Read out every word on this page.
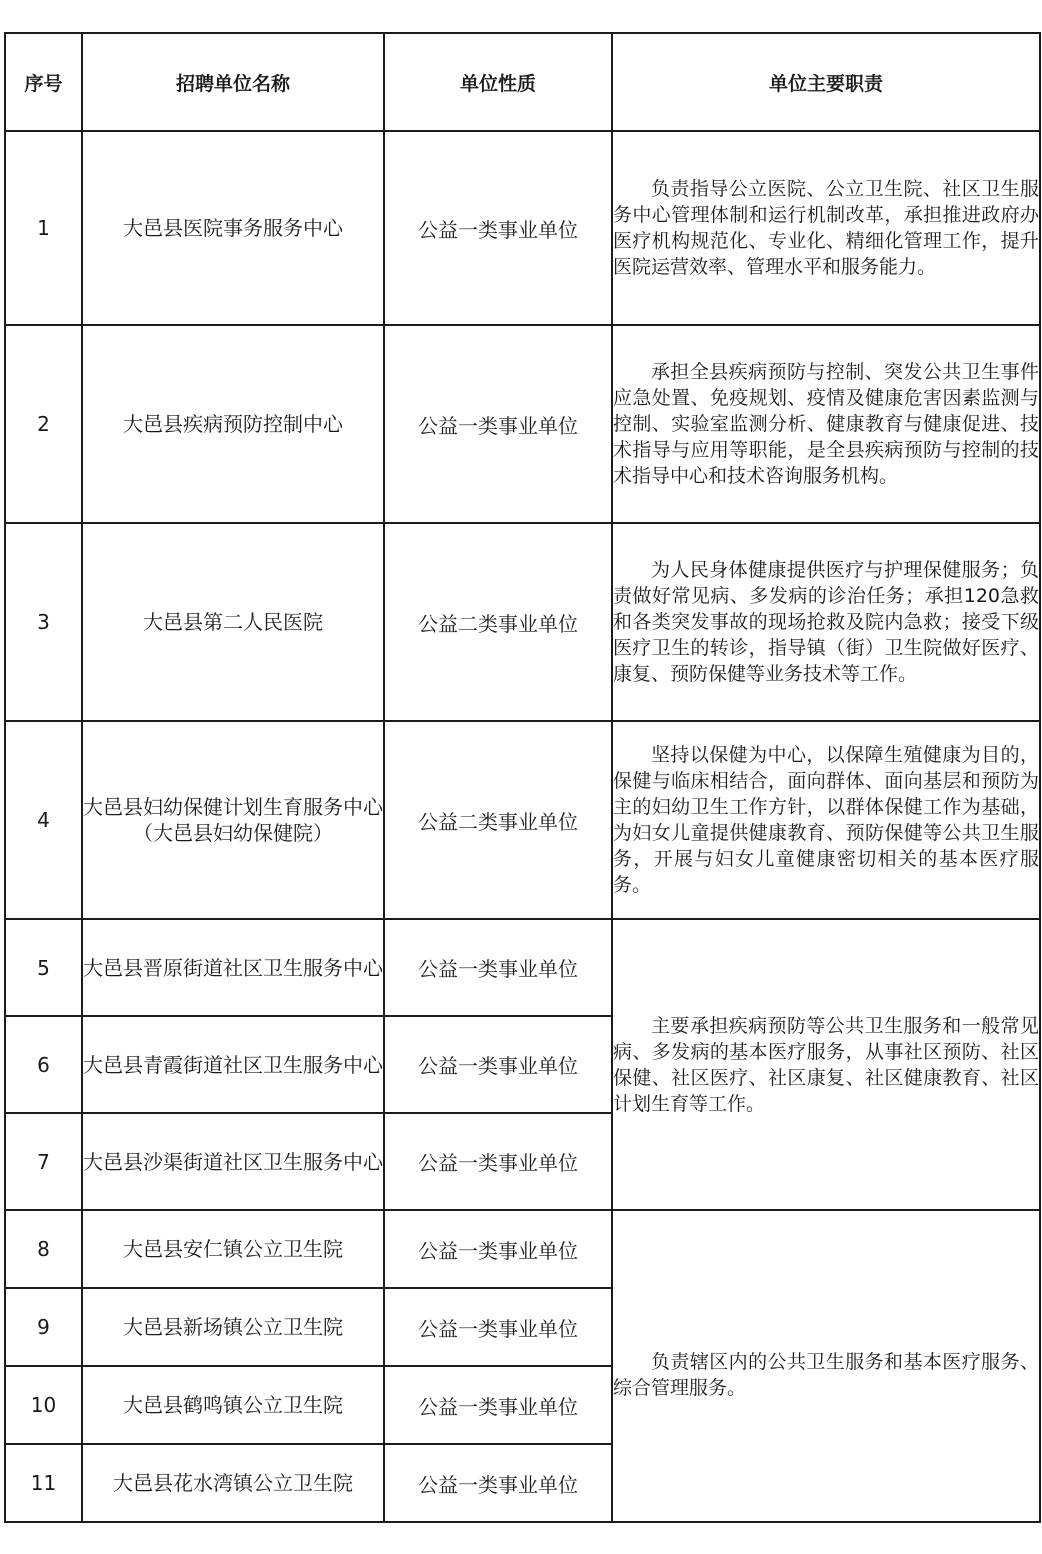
序号	招聘单位名称	单位性质	单位主要职责
1	大邑县医院事务服务中心	公益一类事业单位	负责指导公立医院、公立卫生院、社区卫生服务中心管理体制和运行机制改革，承担推进政府办医疗机构规范化、专业化、精细化管理工作，提升医院运营效率、管理水平和服务能力。

2	大邑县疾病预防控制中心	公益一类事业单位	承担全县疾病预防与控制、突发公共卫生事件应急处置、免疫规划、疫情及健康危害因素监测与控制、实验室监测分析、健康教育与健康促进、技术指导与应用等职能，是全县疾病预防与控制的技术指导中心和技术咨询服务机构。

3	大邑县第二人民医院	公益二类事业单位	为人民身体健康提供医疗与护理保健服务；负责做好常见病、多发病的诊治任务；承担120急救和各类突发事故的现场抢救及院内急救；接受下级医疗卫生的转诊，指导镇（街）卫生院做好医疗、康复、预防保健等业务技术等工作。

4	大邑县妇幼保健计划生育服务中心（大邑县妇幼保健院）	公益二类事业单位	坚持以保健为中心，以保障生殖健康为目的，保健与临床相结合，面向群体、面向基层和预防为主的妇幼卫生工作方针，以群体保健工作为基础，为妇女儿童提供健康教育、预防保健等公共卫生服务，开展与妇女儿童健康密切相关的基本医疗服务。

5	大邑县晋原街道社区卫生服务中心	公益一类事业单位	主要承担疾病预防等公共卫生服务和一般常见病、多发病的基本医疗服务，从事社区预防、社区保健、社区医疗、社区康复、社区健康教育、社区计划生育等工作。

6	大邑县青霞街道社区卫生服务中心	公益一类事业单位	
7	大邑县沙渠街道社区卫生服务中心	公益一类事业单位	
8	大邑县安仁镇公立卫生院	公益一类事业单位	负责辖区内的公共卫生服务和基本医疗服务、综合管理服务。

9	大邑县新场镇公立卫生院	公益一类事业单位	
10	大邑县鹤鸣镇公立卫生院	公益一类事业单位	
11	大邑县花水湾镇公立卫生院	公益一类事业单位	
